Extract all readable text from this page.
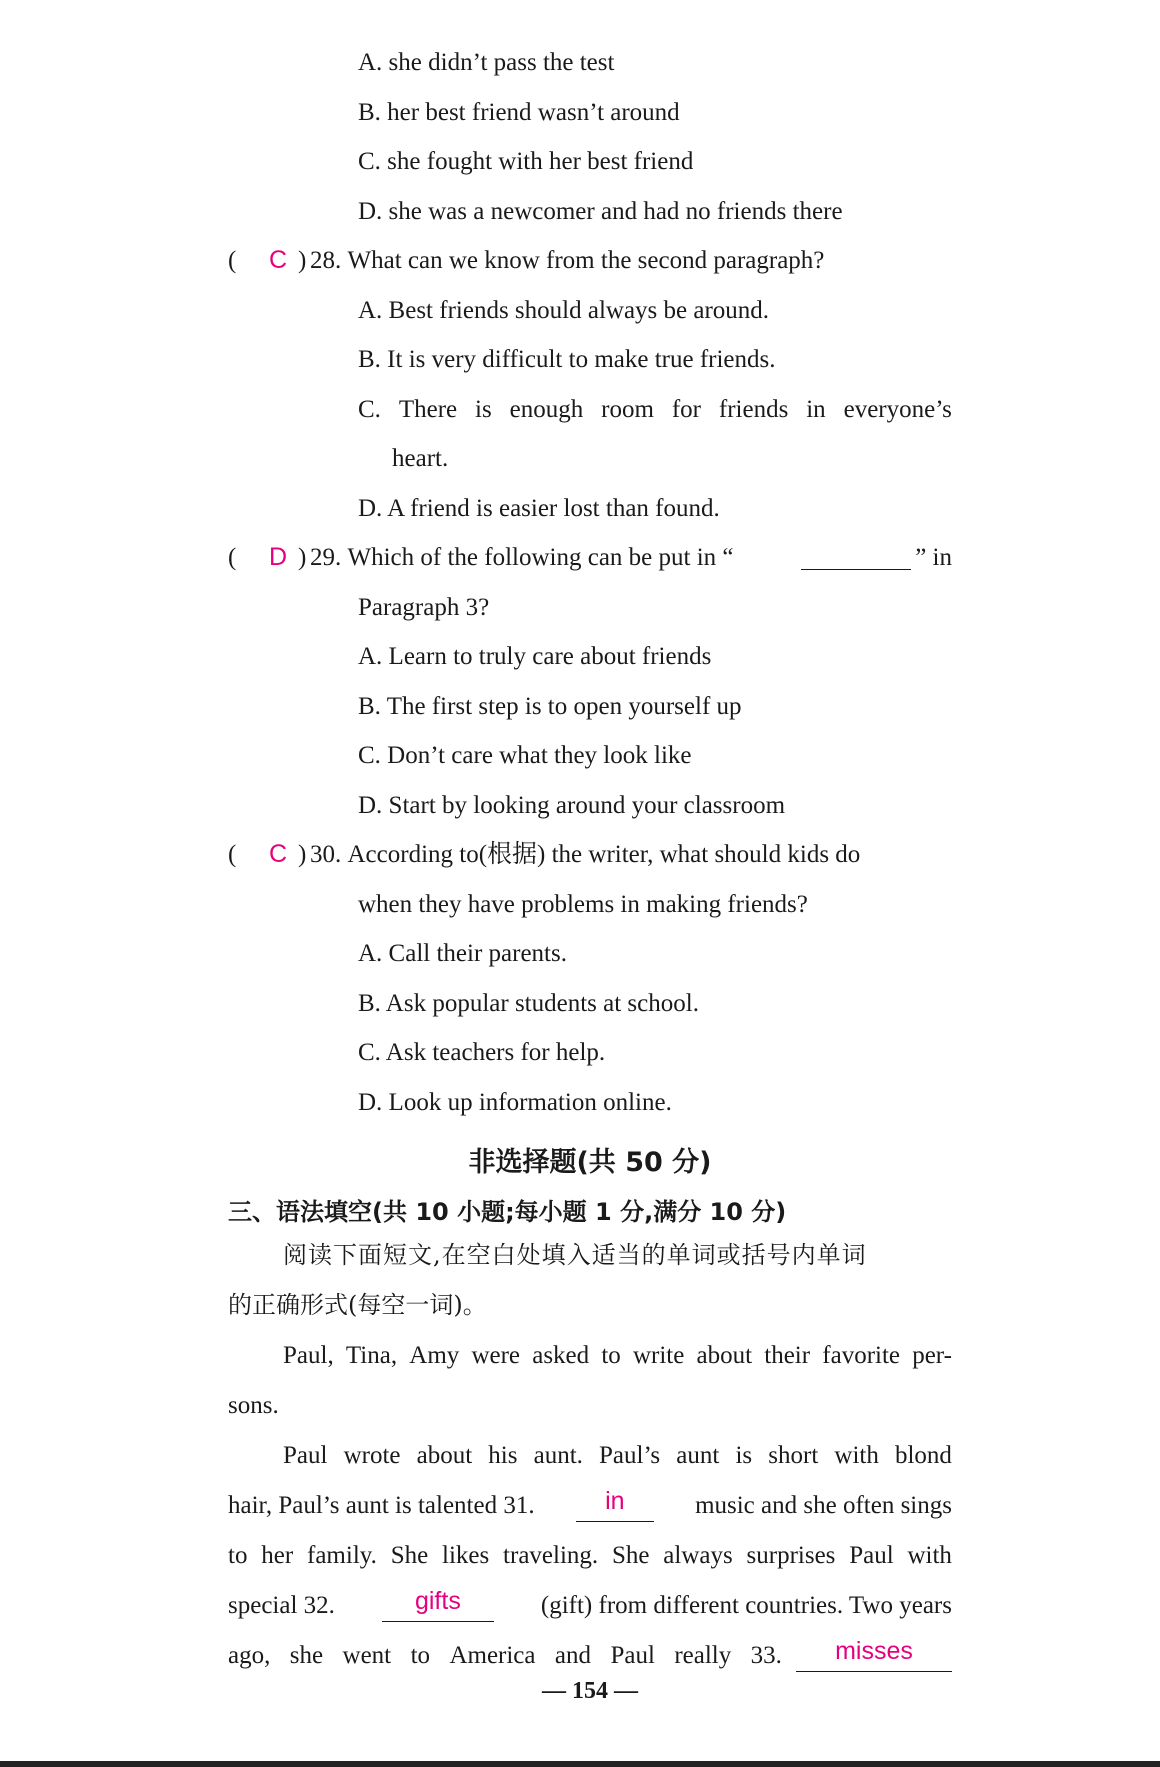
A. she didn’t pass the test
B. her best friend wasn’t around
C. she fought with her best friend
D. she was a newcomer and had no friends there
( C ) 28. What can we know from the second paragraph?
A. Best friends should always be around.
B. It is very difficult to make true friends.
C. There is enough room for friends in everyone’s
heart.
D. A friend is easier lost than found.
(	D ) 29.
Which of the following can be put in “	” in
Paragraph 3?
A. Learn to truly care about friends
B. The first step is to open yourself up
C. Don’t care what they look like
D. Start by looking around your classroom
( C ) 30. According to(根据) the writer, what should kids do
when they have problems in making friends?
A. Call their parents.
B. Ask popular students at school.
C. Ask teachers for help.
D. Look up information online.
非选择题(共 50 分)
三、语法填空(共 10 小题;每小题 1 分,满分 10 分)
阅读下面短文,在空白处填入适当的单词或括号内单词
的正确形式(每空一词)。
Paul, Tina, Amy were asked to write about their favorite per-
sons.
Paul wrote about his aunt. Paul’s aunt is short with blond
hair, Paul’s aunt is talented 31.	in	music and she often sings
to her family. She likes traveling. She always surprises Paul with
special 32.	gifts	(gift) from different countries. Two years
ago, she went to America and Paul really 33.	misses
— 154 —
